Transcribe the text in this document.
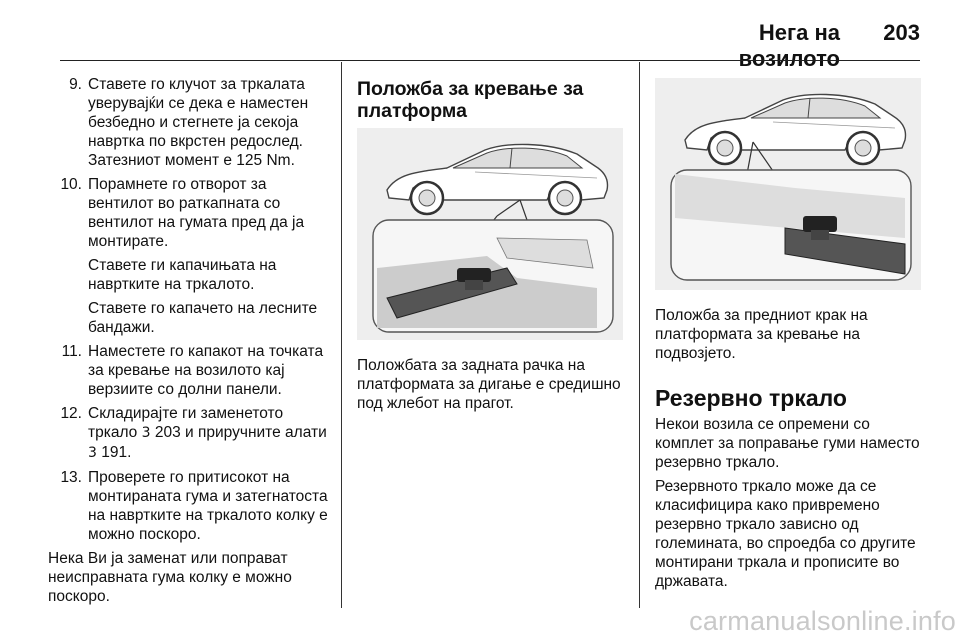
Нега на возилото
203
9. Ставете го клучот за тркалата уверувајќи се дека е наместен безбедно и стегнете ја секоја навртка по вкрстен редослед. Затезниот момент е 125 Nm.
10. Порамнете го отворот за вентилот во раткапната со вентилот на гумата пред да ја монтирате.
Ставете ги капачињата на навртките на тркалото.
Ставете го капачето на лесните бандажи.
11. Наместете го капакот на точката за кревање на возилото кај верзиите со долни панели.
12. Складирајте ги заменетото тркало 3 203 и приручните алати 3 191.
13. Проверете го притисокот на монтираната гума и затегнатоста на навртките на тркалото колку е можно поскоро.
Нека Ви ја заменат или поправат неисправната гума колку е можно поскоро.
Положба за кревање за платформа
Положбата за задната рачка на платформата за дигање е средишно под жлебот на прагот.
Положба за предниот крак на платформата за кревање на подвозјето.
Резервно тркало
Некои возила се опремени со комплет за поправање гуми наместо резервно тркало.
Резервното тркало може да се класифицира како привремено резервно тркало зависно од големината, во спроедба со другите монтирани тркала и прописите во државата.
carmanualsonline.info
